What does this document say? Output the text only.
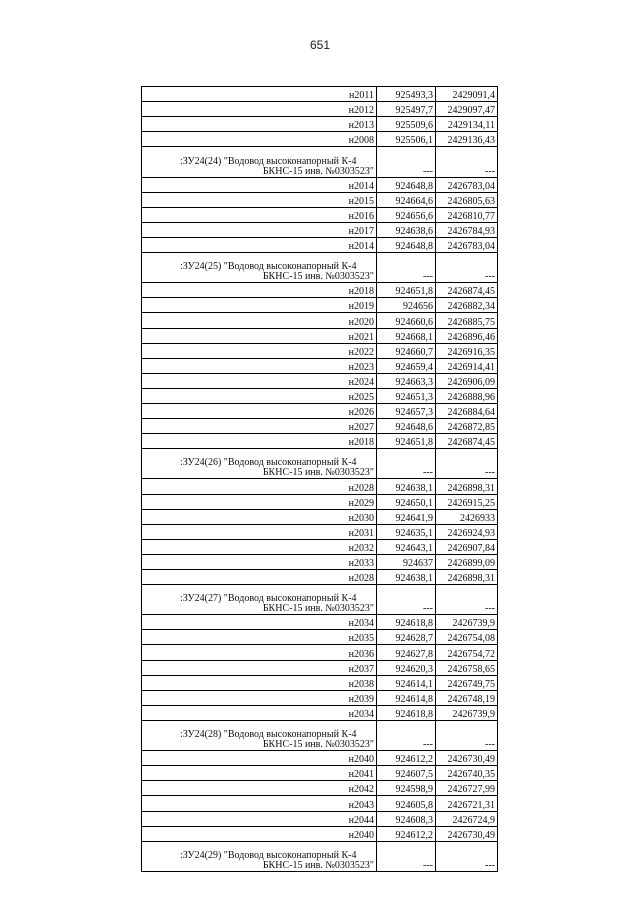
651
н2011	925493,3	2429091,4
н2012	925497,7	2429097,47
н2013	925509,6	2429134,11
н2008	925506,1	2429136,43

:ЗУ24(24) "Водовод высоконапорный К-4
БКНС-15 инв. №0303523"	---	---
н2014	924648,8	2426783,04
н2015	924664,6	2426805,63
н2016	924656,6	2426810,77
н2017	924638,6	2426784,93
н2014	924648,8	2426783,04

:ЗУ24(25) "Водовод высоконапорный К-4
БКНС-15 инв. №0303523"	---	---
н2018	924651,8	2426874,45
н2019	924656	2426882,34
н2020	924660,6	2426885,75
н2021	924668,1	2426896,46
н2022	924660,7	2426916,35
н2023	924659,4	2426914,41
н2024	924663,3	2426906,09
н2025	924651,3	2426888,96
н2026	924657,3	2426884,64
н2027	924648,6	2426872,85
н2018	924651,8	2426874,45

:ЗУ24(26) "Водовод высоконапорный К-4
БКНС-15 инв. №0303523"	---	---
н2028	924638,1	2426898,31
н2029	924650,1	2426915,25
н2030	924641,9	2426933
н2031	924635,1	2426924,93
н2032	924643,1	2426907,84
н2033	924637	2426899,09
н2028	924638,1	2426898,31

:ЗУ24(27) "Водовод высоконапорный К-4
БКНС-15 инв. №0303523"	---	---
н2034	924618,8	2426739,9
н2035	924628,7	2426754,08
н2036	924627,8	2426754,72
н2037	924620,3	2426758,65
н2038	924614,1	2426749,75
н2039	924614,8	2426748,19
н2034	924618,8	2426739,9

:ЗУ24(28) "Водовод высоконапорный К-4
БКНС-15 инв. №0303523"	---	---
н2040	924612,2	2426730,49
н2041	924607,5	2426740,35
н2042	924598,9	2426727,99
н2043	924605,8	2426721,31
н2044	924608,3	2426724,9
н2040	924612,2	2426730,49

:ЗУ24(29) "Водовод высоконапорный К-4
БКНС-15 инв. №0303523"	---	---
